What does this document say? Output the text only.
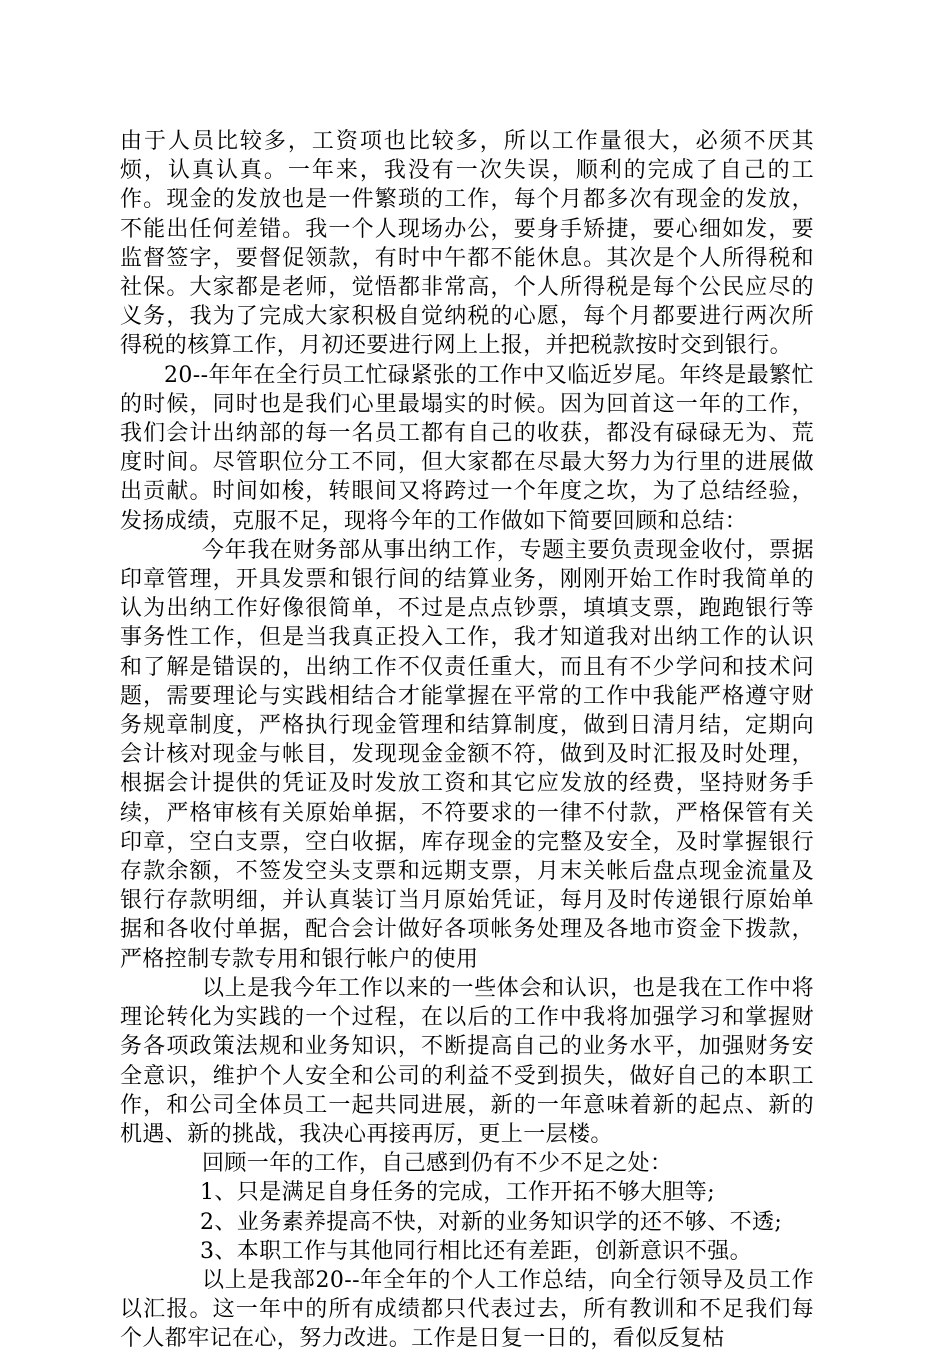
由于人员比较多，工资项也比较多，所以工作量很大，必须不厌其烦，认真认真。一年来，我没有一次失误，顺利的完成了自己的工作。现金的发放也是一件繁琐的工作，每个月都多次有现金的发放，不能出任何差错。我一个人现场办公，要身手矫捷，要心细如发，要监督签字，要督促领款，有时中午都不能休息。其次是个人所得税和社保。大家都是老师，觉悟都非常高，个人所得税是每个公民应尽的义务，我为了完成大家积极自觉纳税的心愿，每个月都要进行两次所得税的核算工作，月初还要进行网上上报，并把税款按时交到银行。

20--年年在全行员工忙碌紧张的工作中又临近岁尾。年终是最繁忙的时候，同时也是我们心里最塌实的时候。因为回首这一年的工作，我们会计出纳部的每一名员工都有自己的收获，都没有碌碌无为、荒度时间。尽管职位分工不同，但大家都在尽最大努力为行里的进展做出贡献。时间如梭，转眼间又将跨过一个年度之坎，为了总结经验，发扬成绩，克服不足，现将今年的工作做如下简要回顾和总结：

今年我在财务部从事出纳工作，专题主要负责现金收付，票据印章管理，开具发票和银行间的结算业务，刚刚开始工作时我简单的认为出纳工作好像很简单，不过是点点钞票，填填支票，跑跑银行等事务性工作，但是当我真正投入工作，我才知道我对出纳工作的认识和了解是错误的，出纳工作不仅责任重大，而且有不少学问和技术问题，需要理论与实践相结合才能掌握在平常的工作中我能严格遵守财务规章制度，严格执行现金管理和结算制度，做到日清月结，定期向会计核对现金与帐目，发现现金金额不符，做到及时汇报及时处理，根据会计提供的凭证及时发放工资和其它应发放的经费，坚持财务手续，严格审核有关原始单据，不符要求的一律不付款，严格保管有关印章，空白支票，空白收据，库存现金的完整及安全，及时掌握银行存款余额，不签发空头支票和远期支票，月末关帐后盘点现金流量及银行存款明细，并认真装订当月原始凭证，每月及时传递银行原始单据和各收付单据，配合会计做好各项帐务处理及各地市资金下拨款，严格控制专款专用和银行帐户的使用

以上是我今年工作以来的一些体会和认识，也是我在工作中将理论转化为实践的一个过程，在以后的工作中我将加强学习和掌握财务各项政策法规和业务知识，不断提高自己的业务水平，加强财务安全意识，维护个人安全和公司的利益不受到损失，做好自己的本职工作，和公司全体员工一起共同进展，新的一年意味着新的起点、新的机遇、新的挑战，我决心再接再厉，更上一层楼。

回顾一年的工作，自己感到仍有不少不足之处：

1、只是满足自身任务的完成，工作开拓不够大胆等;

2、业务素养提高不快，对新的业务知识学的还不够、不透;

3、本职工作与其他同行相比还有差距，创新意识不强。

以上是我部20--年全年的个人工作总结，向全行领导及员工作以汇报。这一年中的所有成绩都只代表过去，所有教训和不足我们每个人都牢记在心，努力改进。工作是日复一日的，看似反复枯
